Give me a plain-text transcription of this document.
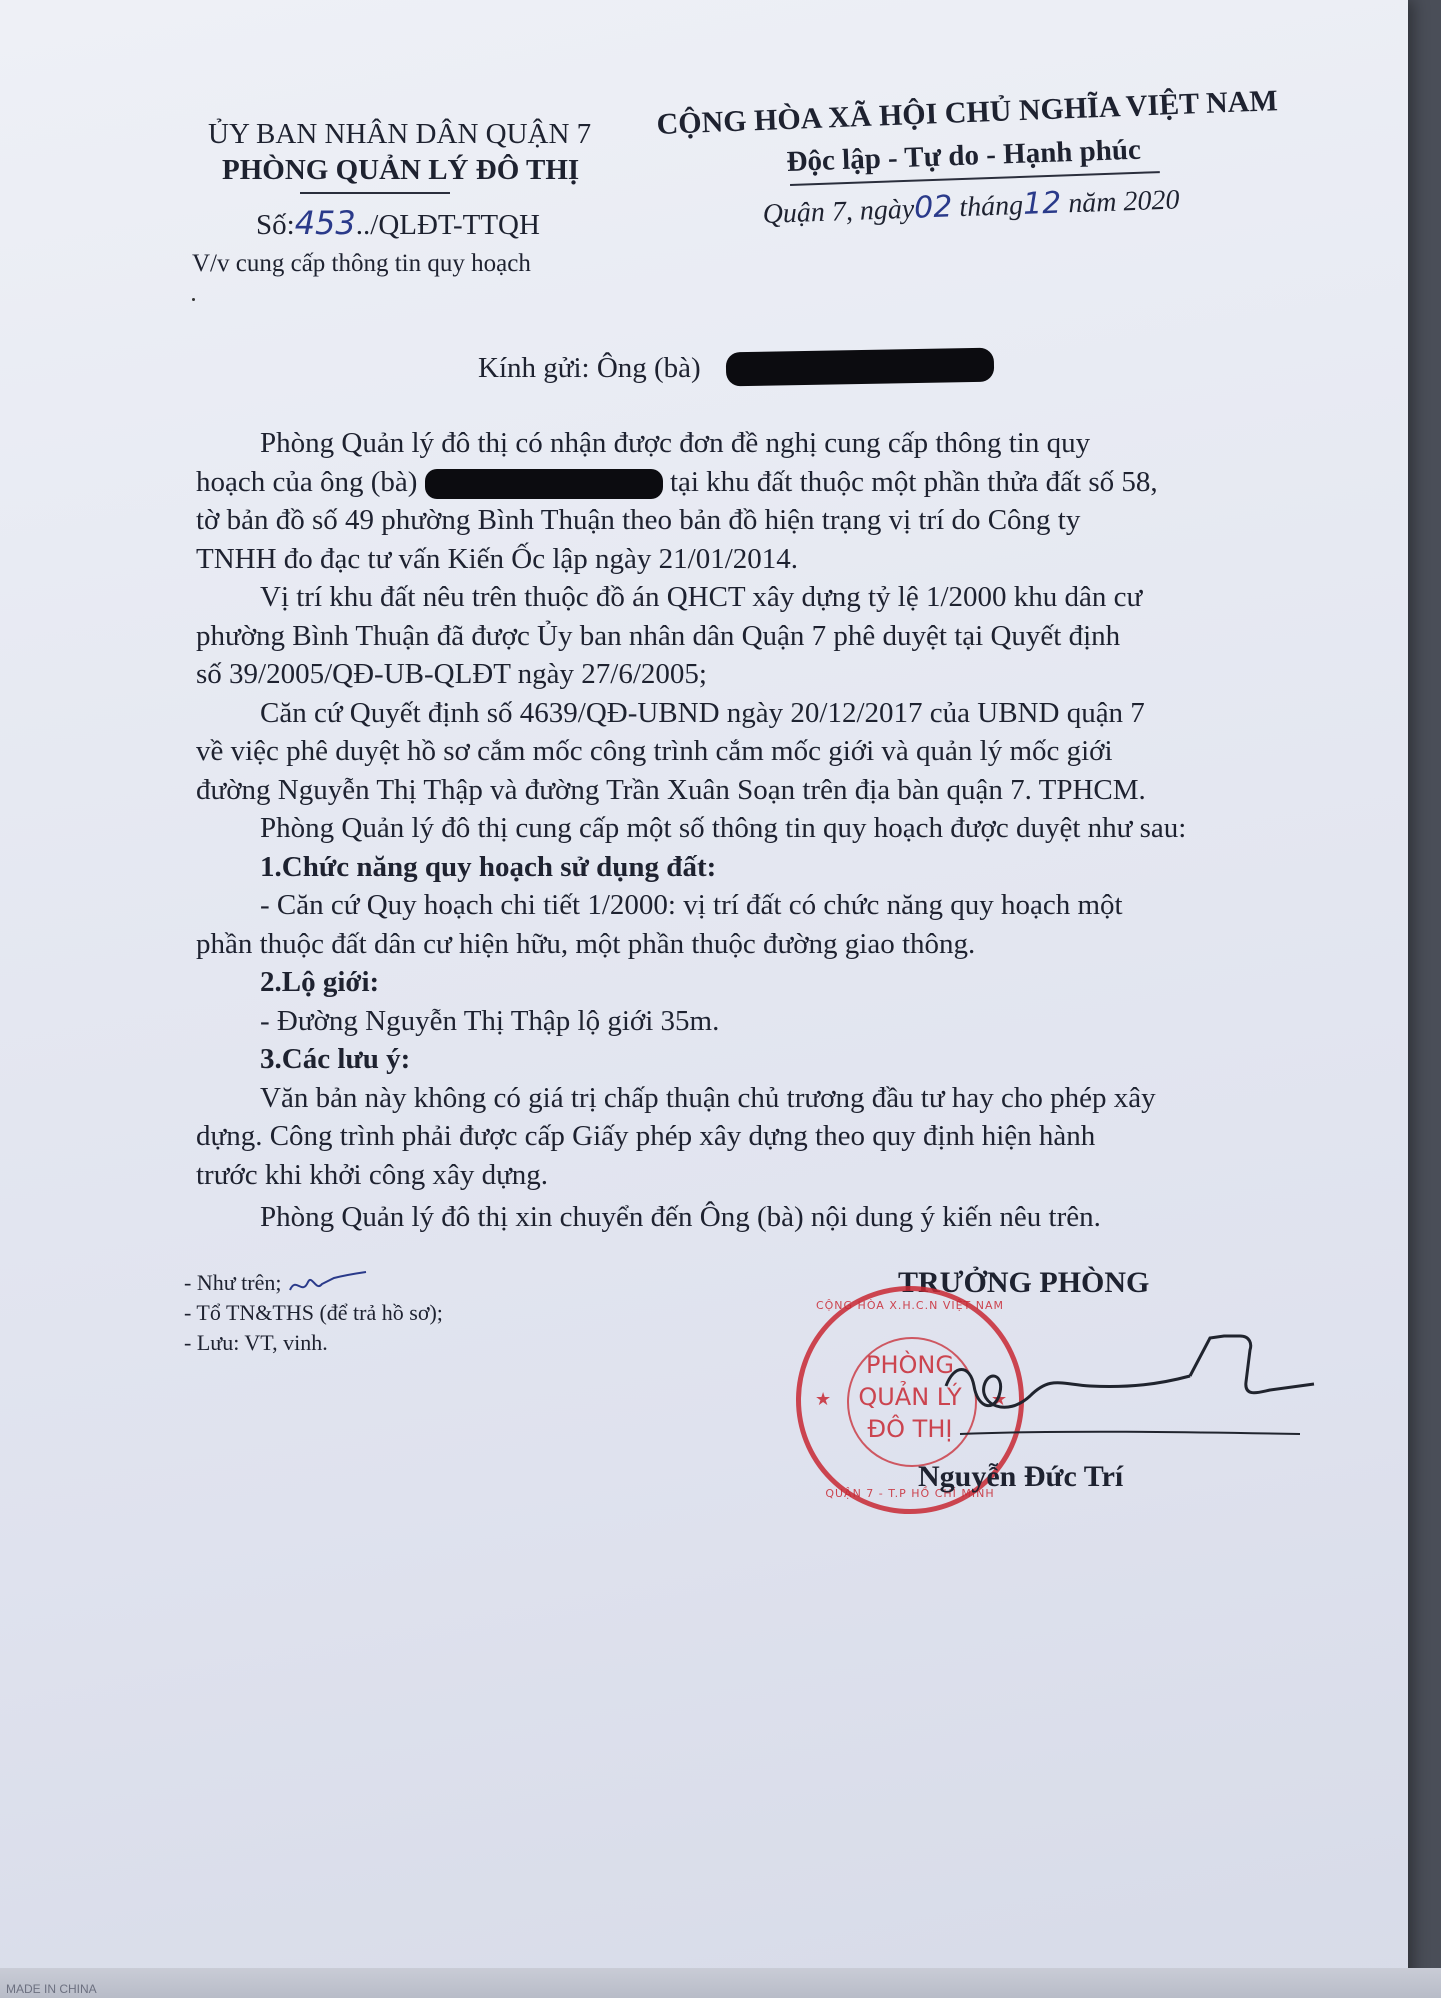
ỦY BAN NHÂN DÂN QUẬN 7
PHÒNG QUẢN LÝ ĐÔ THỊ
Số:453../QLĐT-TTQH
V/v cung cấp thông tin quy hoạch
CỘNG HÒA XÃ HỘI CHỦ NGHĨA VIỆT NAM
Độc lập - Tự do - Hạnh phúc
Quận 7, ngày02 tháng12 năm 2020
Kính gửi: Ông (bà)

Phòng Quản lý đô thị có nhận được đơn đề nghị cung cấp thông tin quy

hoạch của ông (bà)	tại khu đất thuộc một phần thửa đất số 58,

tờ bản đồ số 49 phường Bình Thuận theo bản đồ hiện trạng vị trí do Công ty

TNHH đo đạc tư vấn Kiến Ốc lập ngày 21/01/2014.

Vị trí khu đất nêu trên thuộc đồ án QHCT xây dựng tỷ lệ 1/2000 khu dân cư

phường Bình Thuận đã được Ủy ban nhân dân Quận 7 phê duyệt tại Quyết định

số 39/2005/QĐ-UB-QLĐT ngày 27/6/2005;

Căn cứ Quyết định số 4639/QĐ-UBND ngày 20/12/2017 của UBND quận 7

về việc phê duyệt hồ sơ cắm mốc công trình cắm mốc giới và quản lý mốc giới

đường Nguyễn Thị Thập và đường Trần Xuân Soạn trên địa bàn quận 7. TPHCM.

Phòng Quản lý đô thị cung cấp một số thông tin quy hoạch được duyệt như sau:

1.Chức năng quy hoạch sử dụng đất:

- Căn cứ Quy hoạch chi tiết 1/2000: vị trí đất có chức năng quy hoạch một

phần thuộc đất dân cư hiện hữu, một phần thuộc đường giao thông.

2.Lộ giới:

- Đường Nguyễn Thị Thập lộ giới 35m.

3.Các lưu ý:

Văn bản này không có giá trị chấp thuận chủ trương đầu tư hay cho phép xây

dựng. Công trình phải được cấp Giấy phép xây dựng theo quy định hiện hành

trước khi khởi công xây dựng.

Phòng Quản lý đô thị xin chuyển đến Ông (bà) nội dung ý kiến nêu trên.

- Như trên;
- Tổ TN&THS (để trả hồ sơ);
- Lưu: VT, vinh.
TRƯỞNG PHÒNG
PHÒNG
QUẢN LÝ
ĐÔ THỊ
CỘNG HÒA X.H.C.N VIỆT NAM
QUẬN 7 - T.P HỒ CHÍ MINH
★	★
Nguyễn Đức Trí
MADE IN CHINA
